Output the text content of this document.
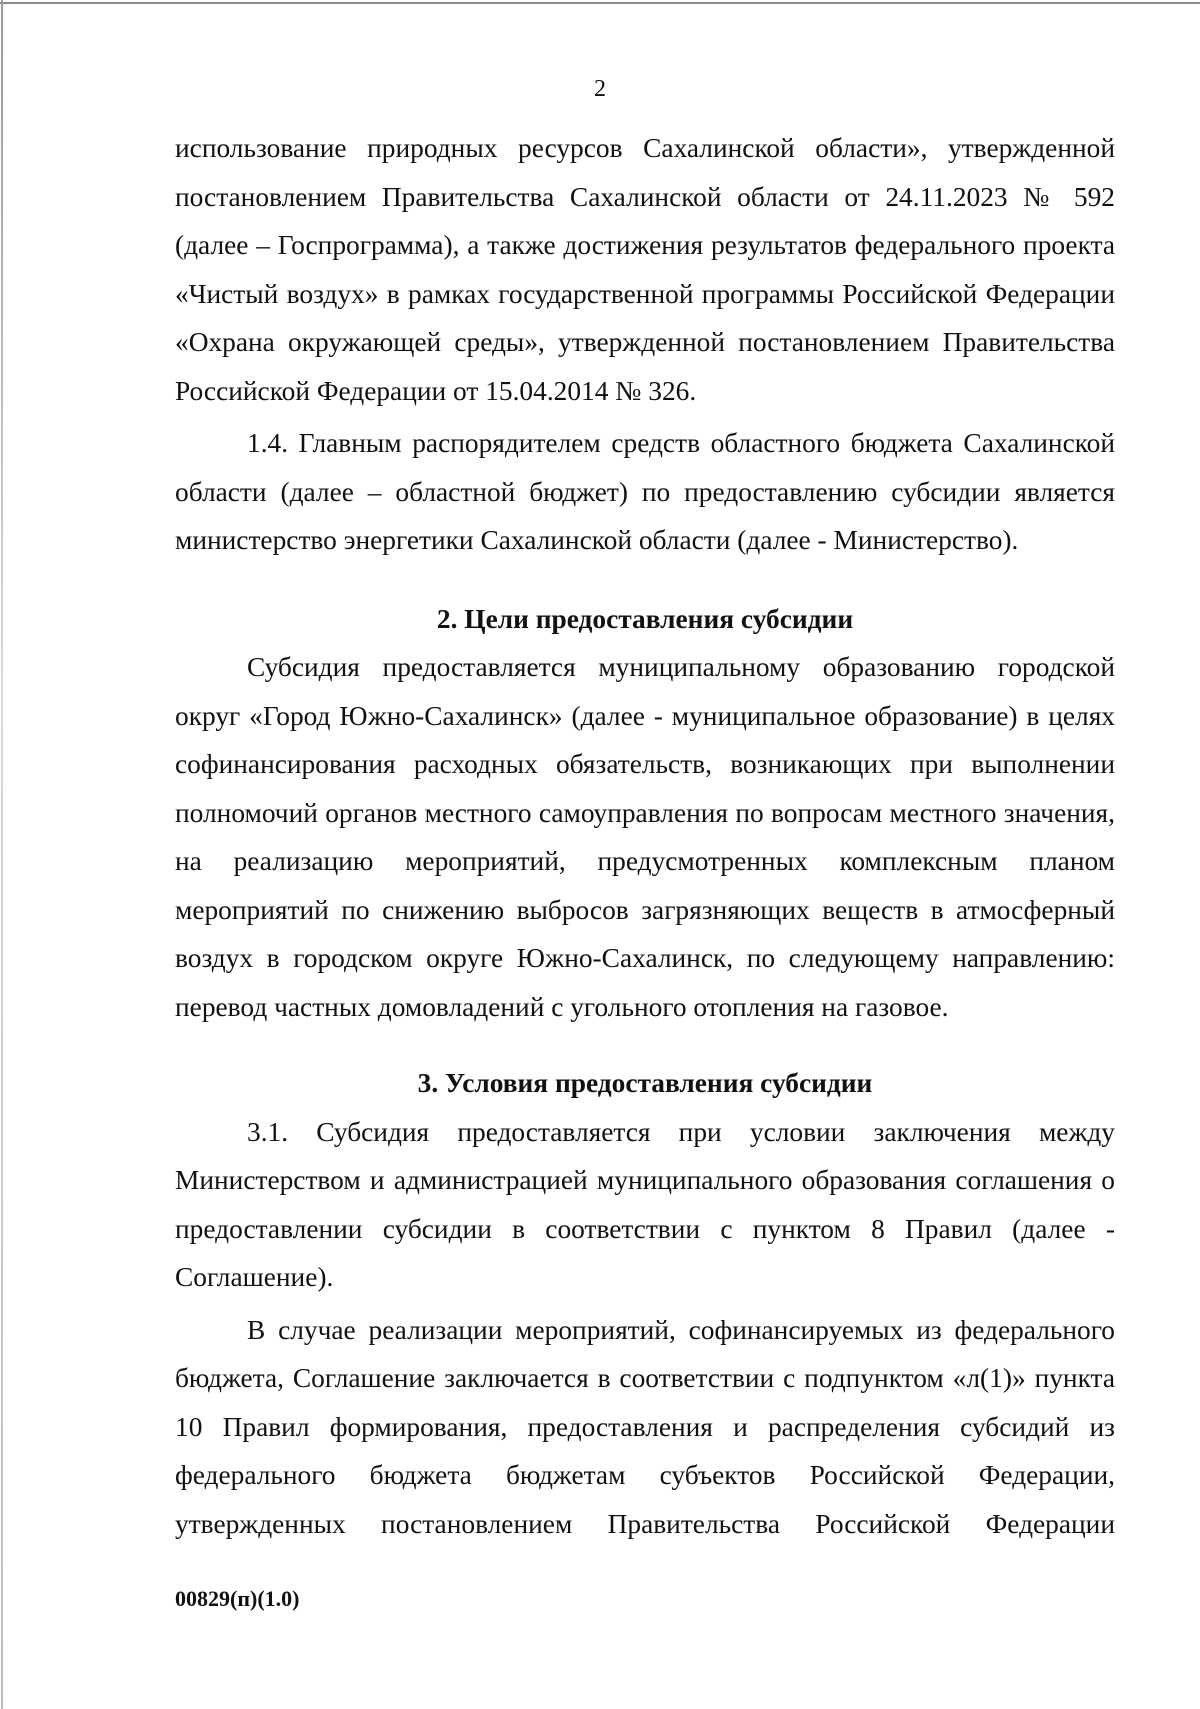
2

использование природных ресурсов Сахалинской области», утвержденной постановлением Правительства Сахалинской области от 24.11.2023 № 592 (далее – Госпрограмма), а также достижения результатов федерального проекта «Чистый воздух» в рамках государственной программы Российской Федерации «Охрана окружающей среды», утвержденной постановлением Правительства Российской Федерации от 15.04.2014 № 326.

1.4. Главным распорядителем средств областного бюджета Сахалинской области (далее – областной бюджет) по предоставлению субсидии является министерство энергетики Сахалинской области (далее - Министерство).

2. Цели предоставления субсидии

Субсидия предоставляется муниципальному образованию городской округ «Город Южно-Сахалинск» (далее - муниципальное образование) в целях софинансирования расходных обязательств, возникающих при выполнении полномочий органов местного самоуправления по вопросам местного значения, на реализацию мероприятий, предусмотренных комплексным планом мероприятий по снижению выбросов загрязняющих веществ в атмосферный воздух в городском округе Южно-Сахалинск, по следующему направлению: перевод частных домовладений с угольного отопления на газовое.

3. Условия предоставления субсидии

3.1. Субсидия предоставляется при условии заключения между Министерством и администрацией муниципального образования соглашения о предоставлении субсидии в соответствии с пунктом 8 Правил (далее - Соглашение).

В случае реализации мероприятий, софинансируемых из федерального бюджета, Соглашение заключается в соответствии с подпунктом «л(1)» пункта 10 Правил формирования, предоставления и распределения субсидий из федерального бюджета бюджетам субъектов Российской Федерации, утвержденных постановлением Правительства Российской Федерации

00829(п)(1.0)
